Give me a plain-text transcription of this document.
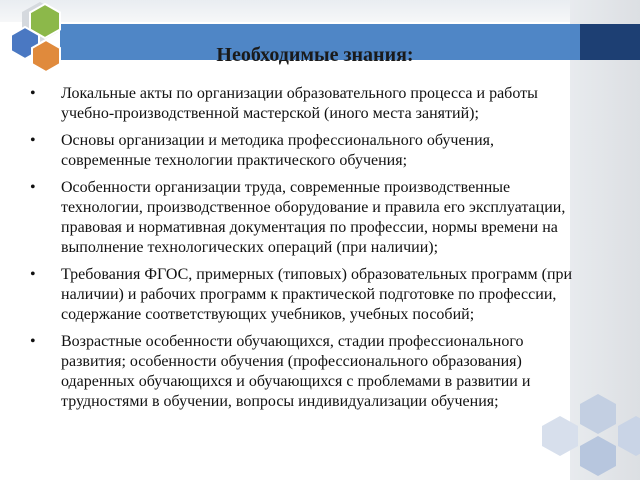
Необходимые знания:
• Локальные акты по организации образовательного процесса и работы учебно-производственной мастерской (иного места занятий);
• Основы организации и методика профессионального обучения, современные технологии практического обучения;
• Особенности организации труда, современные производственные технологии, производственное оборудование и правила его эксплуатации, правовая и нормативная документация по профессии, нормы времени на выполнение технологических операций (при наличии);
• Требования ФГОС, примерных (типовых) образовательных программ (при наличии) и рабочих программ к практической подготовке по профессии, содержание соответствующих учебников, учебных пособий;
• Возрастные особенности обучающихся, стадии профессионального развития; особенности обучения (профессионального образования) одаренных обучающихся и обучающихся с проблемами в развитии и трудностями в обучении, вопросы индивидуализации обучения;
